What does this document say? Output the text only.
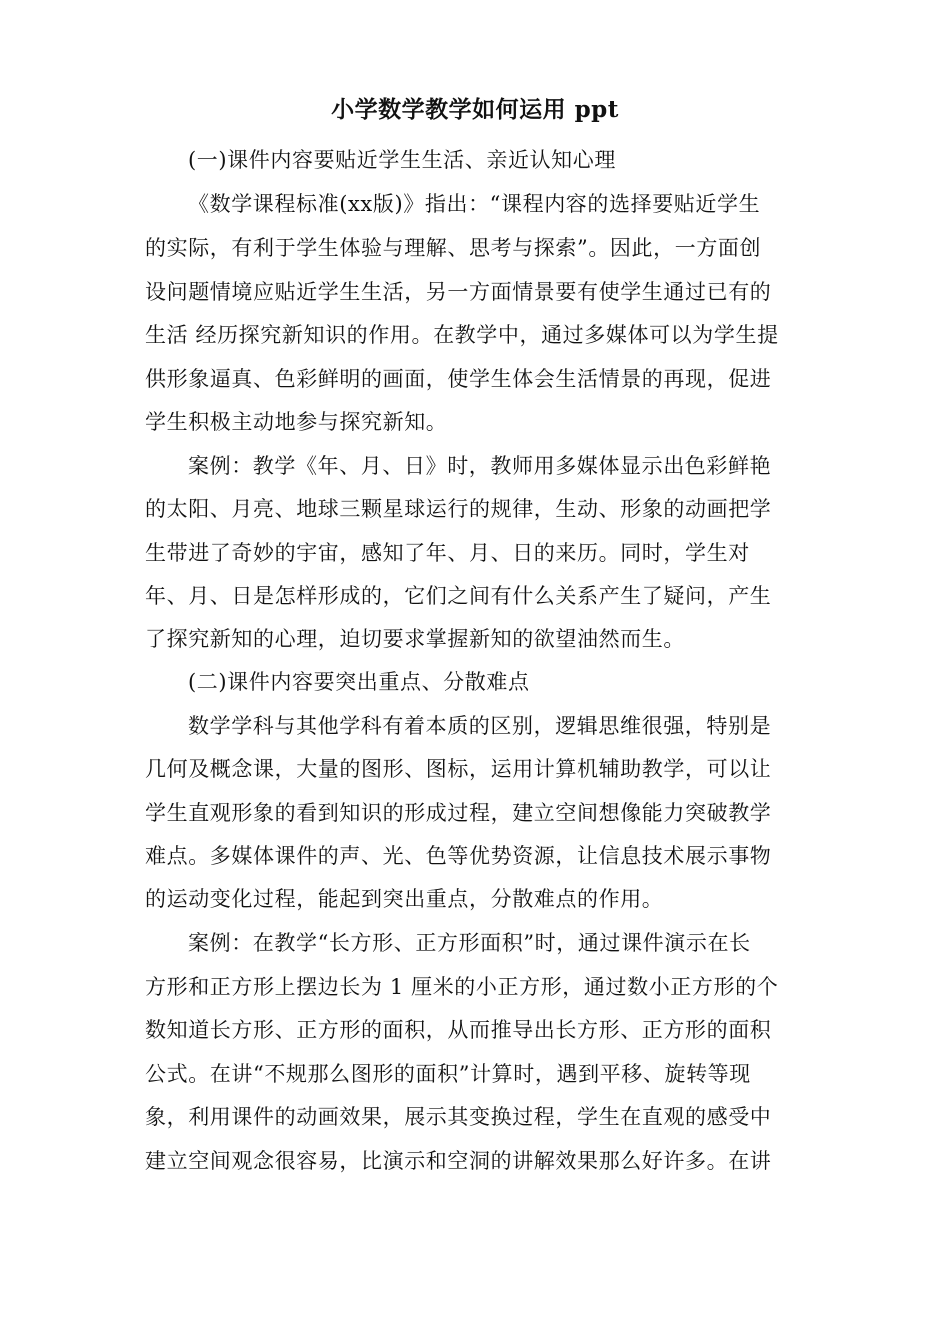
小学数学教学如何运用 ppt
(一)课件内容要贴近学生生活、亲近认知心理
《数学课程标准(xx版)》指出：“课程内容的选择要贴近学生
的实际，有利于学生体验与理解、思考与探索”。因此，一方面创
设问题情境应贴近学生生活，另一方面情景要有使学生通过已有的
生活 经历探究新知识的作用。在教学中，通过多媒体可以为学生提
供形象逼真、色彩鲜明的画面，使学生体会生活情景的再现，促进
学生积极主动地参与探究新知。
案例：教学《年、月、日》时，教师用多媒体显示出色彩鲜艳
的太阳、月亮、地球三颗星球运行的规律，生动、形象的动画把学
生带进了奇妙的宇宙，感知了年、月、日的来历。同时，学生对
年、月、日是怎样形成的，它们之间有什么关系产生了疑问，产生
了探究新知的心理，迫切要求掌握新知的欲望油然而生。
(二)课件内容要突出重点、分散难点
数学学科与其他学科有着本质的区别，逻辑思维很强，特别是
几何及概念课，大量的图形、图标，运用计算机辅助教学，可以让
学生直观形象的看到知识的形成过程，建立空间想像能力突破教学
难点。多媒体课件的声、光、色等优势资源，让信息技术展示事物
的运动变化过程，能起到突出重点，分散难点的作用。
案例：在教学“长方形、正方形面积”时，通过课件演示在长
方形和正方形上摆边长为 1 厘米的小正方形，通过数小正方形的个
数知道长方形、正方形的面积，从而推导出长方形、正方形的面积
公式。在讲“不规那么图形的面积”计算时，遇到平移、旋转等现
象，利用课件的动画效果，展示其变换过程，学生在直观的感受中
建立空间观念很容易，比演示和空洞的讲解效果那么好许多。在讲
